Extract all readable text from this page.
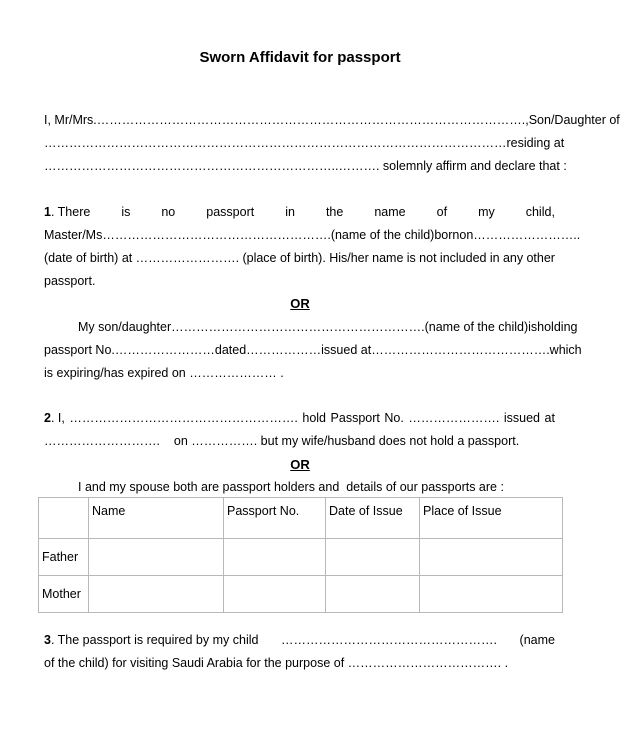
Sworn Affidavit for passport
I, Mr/Mrs. …………………………………………………………………………………………., Son/Daughter of
………………………………………………………………………………………………… residing at
……………………………………………………………..………. solemnly affirm and declare that :
1. There is no passport in the name of my child,
Master/Ms………………………………………………. (name of the child) born on ……………………..
(date of birth) at ……………………. (place of birth). His/her name is not included in any other
passport.
OR
My son/daughter ……………………………………………………. (name of the child) is holding
passport No. …………………… dated ……………… issued at ……………………………………. which
is expiring/has expired on ………………… .
2. I, ………………………………………………. hold Passport No. …………………. issued at
……………………….    on ……………. but my wife/husband does not hold a passport.
OR
I and my spouse both are passport holders and  details of our passports are :
	Name	Passport No.	Date of Issue	Place of Issue
Father				
Mother				
3. The passport is required by my child ……………………………………………. (name
of the child) for visiting Saudi Arabia for the purpose of ………………………………. .
